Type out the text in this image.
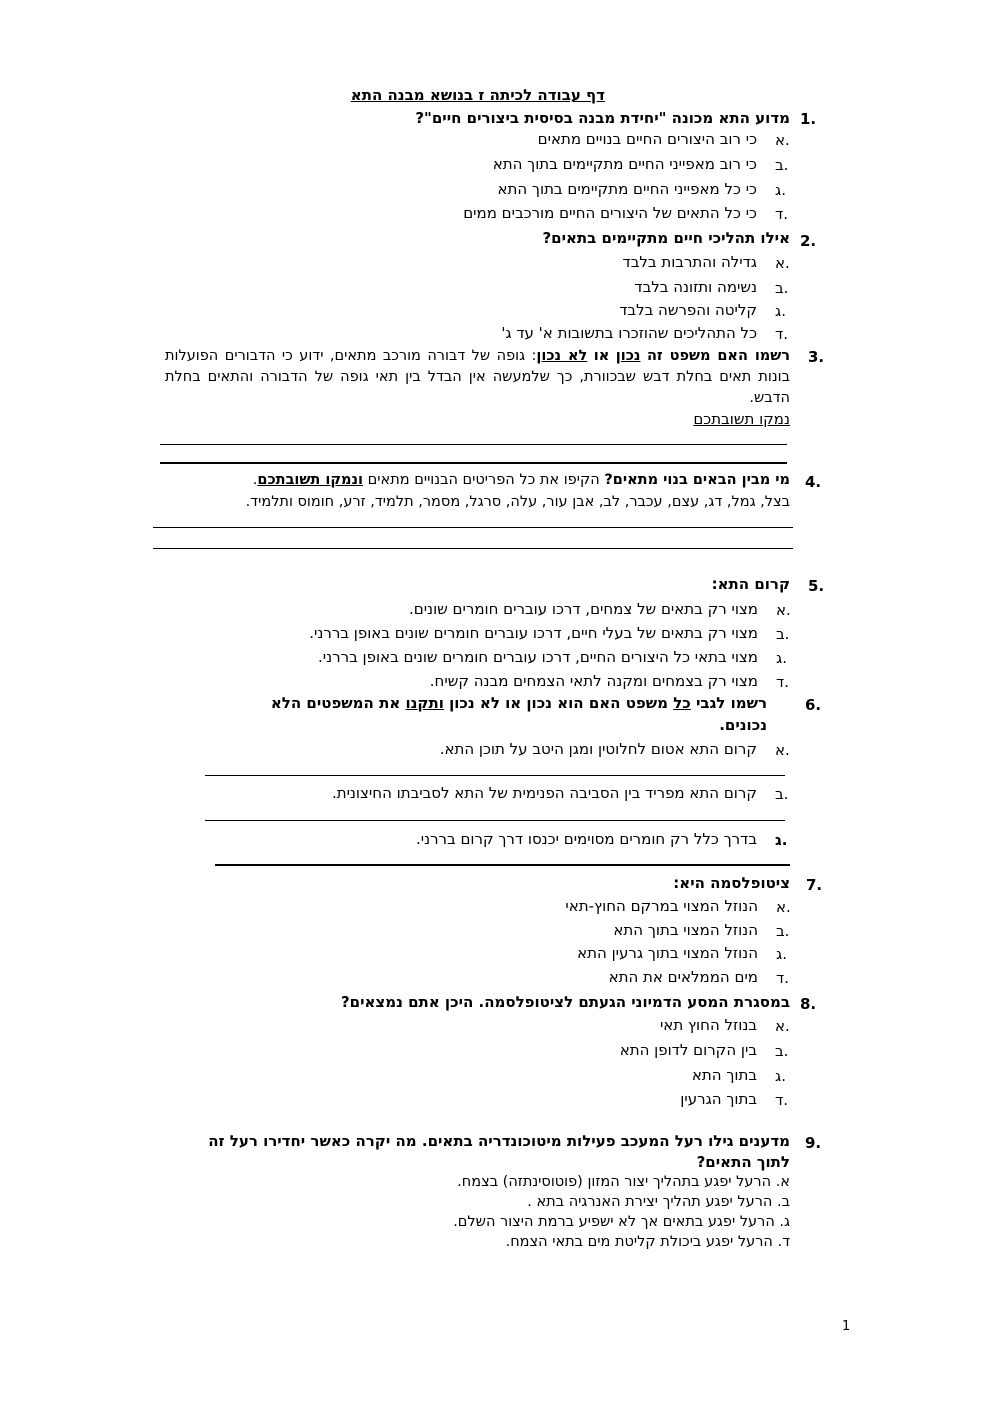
דף עבודה לכיתה ז בנושא מבנה התא
1.
מדוע התא מכונה "יחידת מבנה בסיסית ביצורים חיים"?
א.
כי רוב היצורים החיים בנויים מתאים
ב.
כי רוב מאפייני החיים מתקיימים בתוך התא
ג.
כי כל מאפייני החיים מתקיימים בתוך התא
ד.
כי כל התאים של היצורים החיים מורכבים ממים
2.
אילו תהליכי חיים מתקיימים בתאים?
א.
גדילה והתרבות בלבד
ב.
נשימה ותזונה בלבד
ג.
קליטה והפרשה בלבד
ד.
כל התהליכים שהוזכרו בתשובות א' עד ג'
3.
רשמו האם משפט זה נכון או לא נכון: גופה של דבורה מורכב מתאים, ידוע כי הדבורים הפועלות בונות תאים בחלת דבש שבכוורת, כך שלמעשה אין הבדל בין תאי גופה של הדבורה והתאים בחלת הדבש.
נמקו תשובתכם
4.
מי מבין הבאים בנוי מתאים? הקיפו את כל הפריטים הבנויים מתאים ונמקו תשובתכם.
בצל, גמל, דג, עצם, עכבר, לב, אבן עור, עלה, סרגל, מסמר, תלמיד, זרע, חומוס ותלמיד.
5.
קרום התא:
א.
מצוי רק בתאים של צמחים, דרכו עוברים חומרים שונים.
ב.
מצוי רק בתאים של בעלי חיים, דרכו עוברים חומרים שונים באופן בררני.
ג.
מצוי בתאי כל היצורים החיים, דרכו עוברים חומרים שונים באופן בררני.
ד.
מצוי רק בצמחים ומקנה לתאי הצמחים מבנה קשיח.
6.
רשמו לגבי כל משפט האם הוא נכון או לא נכון ותקנו את המשפטים הלא
נכונים.
א.
קרום התא אטום לחלוטין ומגן היטב על תוכן התא.
ב.
קרום התא מפריד בין הסביבה הפנימית של התא לסביבתו החיצונית.
ג.
בדרך כלל רק חומרים מסוימים יכנסו דרך קרום בררני.
7.
ציטופלסמה היא:
א.
הנוזל המצוי במרקם החוץ-תאי
ב.
הנוזל המצוי בתוך התא
ג.
הנוזל המצוי בתוך גרעין התא
ד.
מים הממלאים את התא
8.
במסגרת המסע הדמיוני הגעתם לציטופלסמה. היכן אתם נמצאים?
א.
בנוזל החוץ תאי
ב.
בין הקרום לדופן התא
ג.
בתוך התא
ד.
בתוך הגרעין
9.
מדענים גילו רעל המעכב פעילות מיטוכונדריה בתאים. מה יקרה כאשר יחדירו רעל זה
לתוך התאים?
א. הרעל יפגע בתהליך יצור המזון (פוטוסינתזה) בצמח.
ב. הרעל יפגע תהליך יצירת האנרגיה בתא .
ג. הרעל יפגע בתאים אך לא ישפיע ברמת היצור השלם.
ד. הרעל יפגע ביכולת קליטת מים בתאי הצמח.
1
